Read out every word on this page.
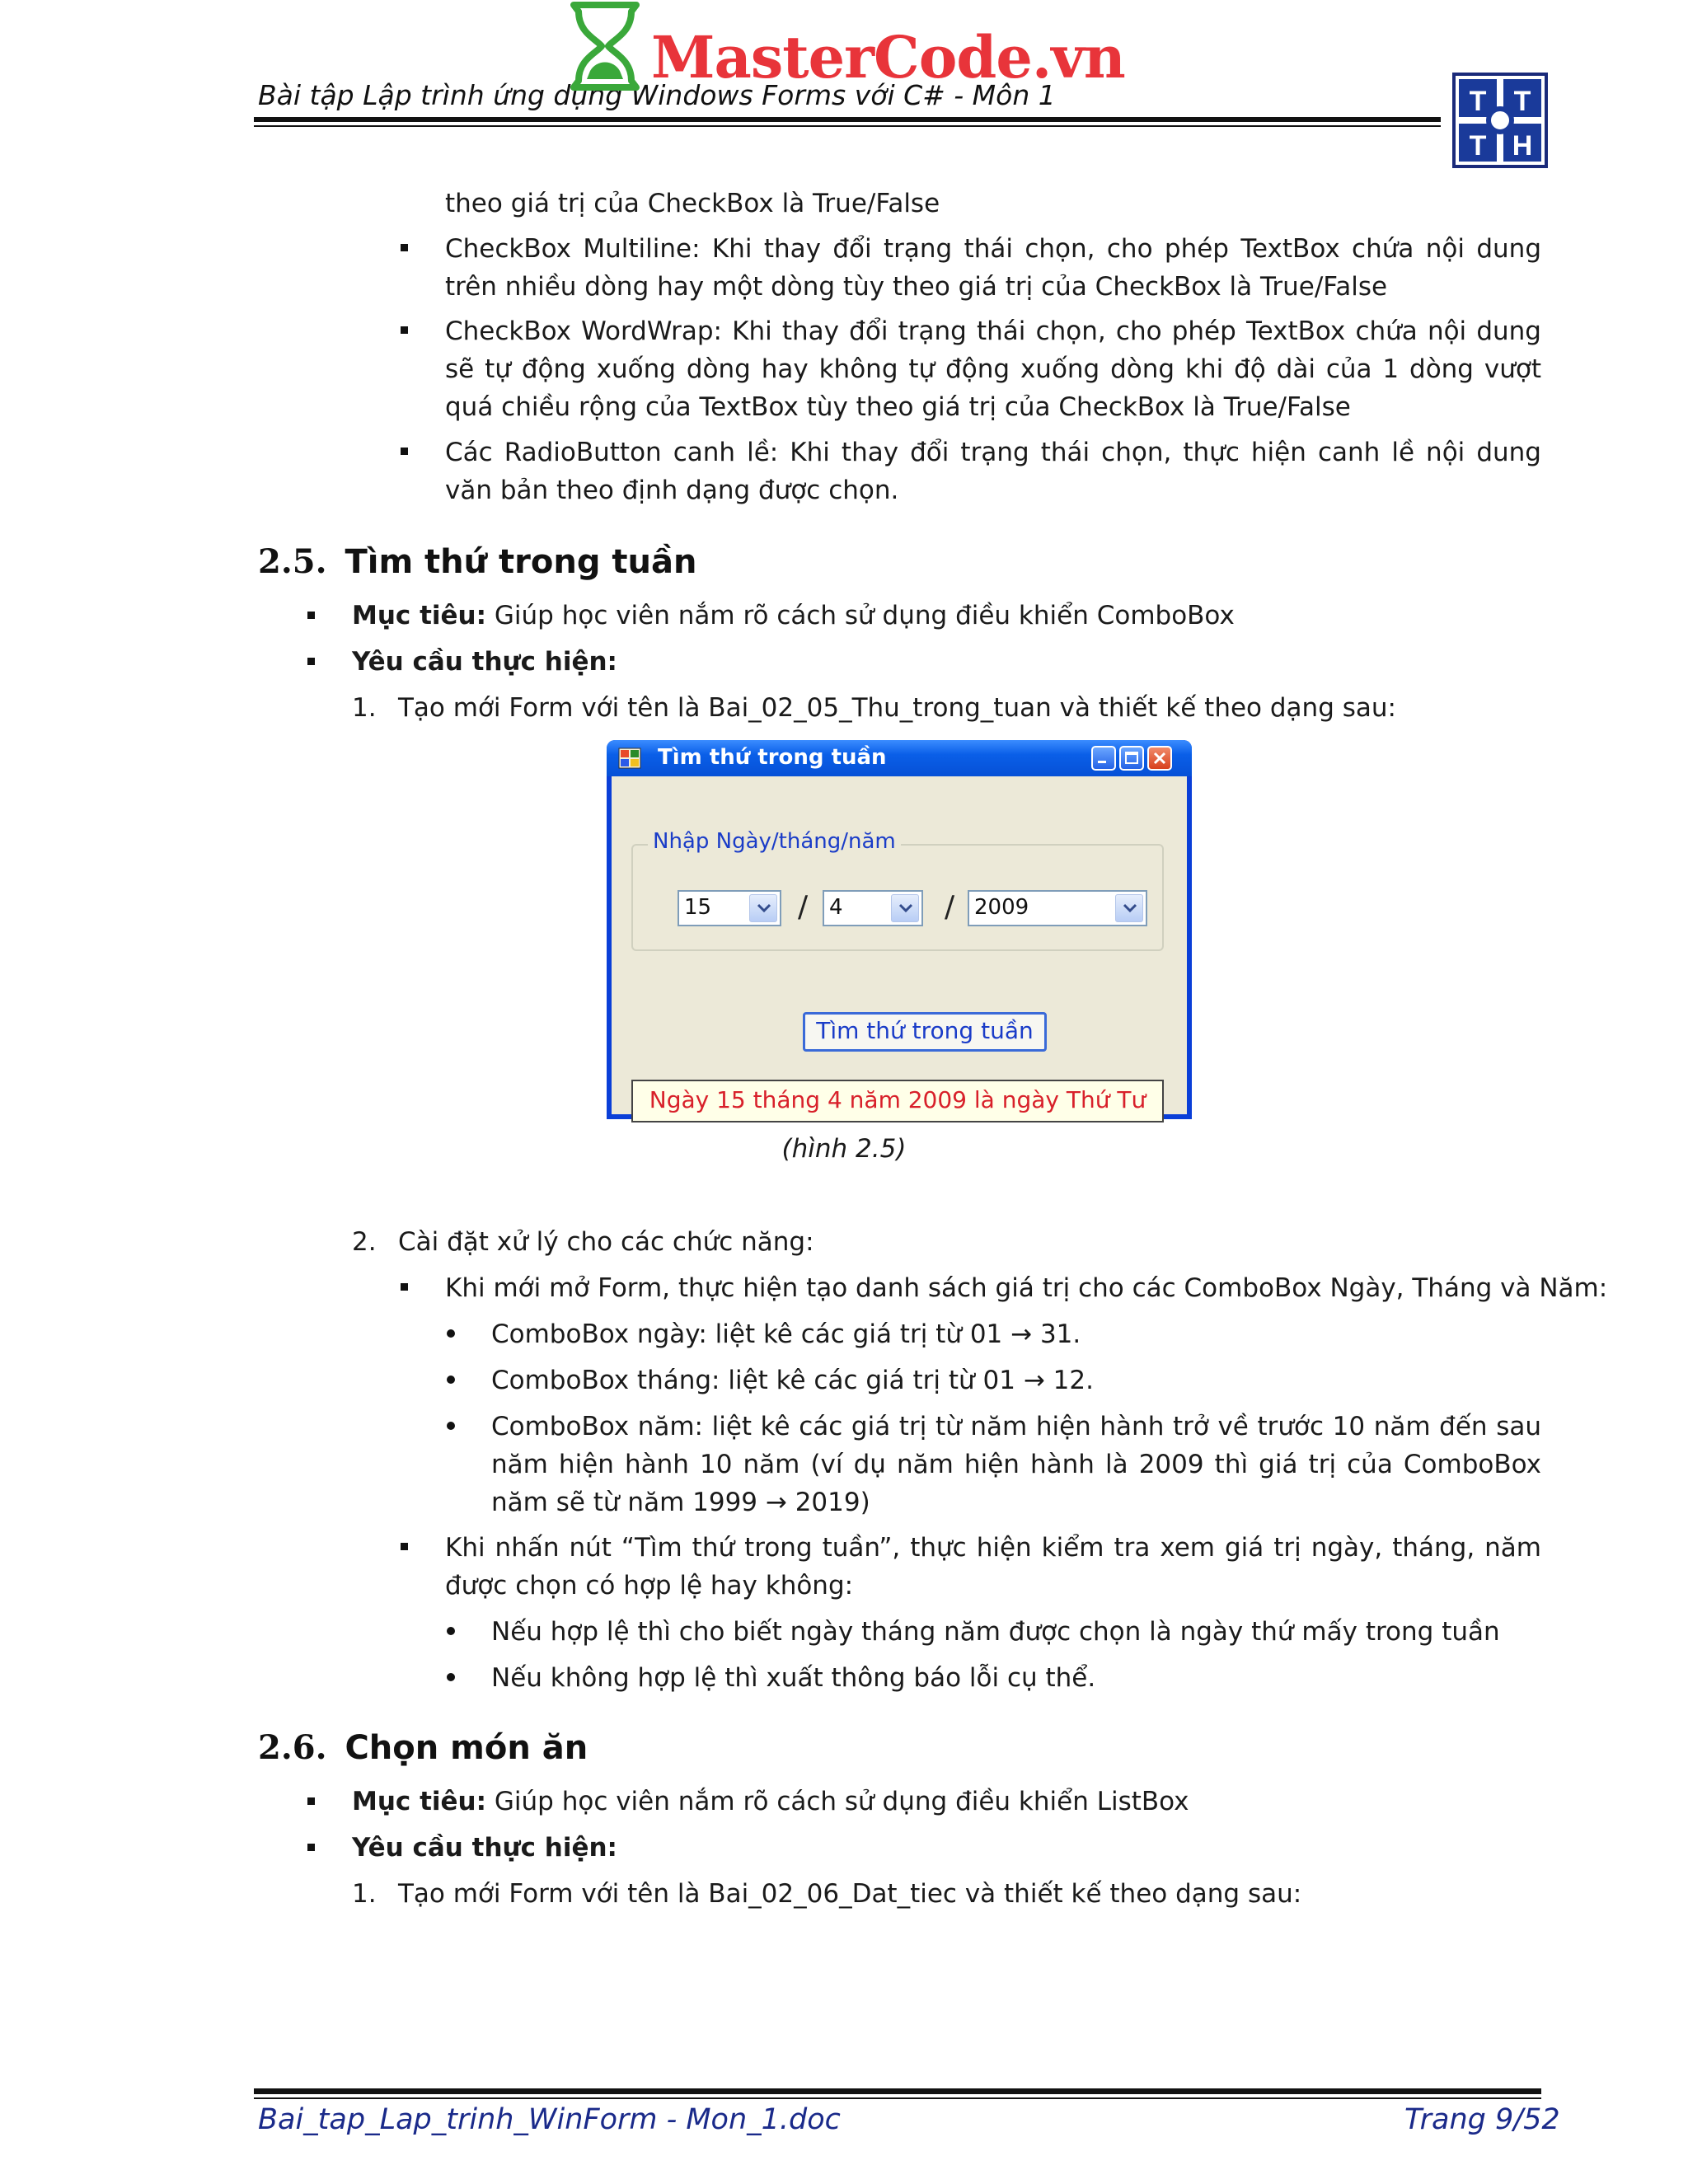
Bài tập Lập trình ứng dụng Windows Forms với C# - Môn 1
MasterCode.vn
T T
T H
theo giá trị của CheckBox là True/False
CheckBox Multiline: Khi thay đổi trạng thái chọn, cho phép TextBox chứa nội dung trên nhiều dòng hay một dòng tùy theo giá trị của CheckBox là True/False
CheckBox WordWrap: Khi thay đổi trạng thái chọn, cho phép TextBox chứa nội dung sẽ tự động xuống dòng hay không tự động xuống dòng khi độ dài của 1 dòng vượt quá chiều rộng của TextBox tùy theo giá trị của CheckBox là True/False
Các RadioButton canh lề: Khi thay đổi trạng thái chọn, thực hiện canh lề nội dung văn bản theo định dạng được chọn.
2.5. Tìm thứ trong tuần
Mục tiêu: Giúp học viên nắm rõ cách sử dụng điều khiển ComboBox
Yêu cầu thực hiện:
1. Tạo mới Form với tên là Bai_02_05_Thu_trong_tuan và thiết kế theo dạng sau:
Tìm thứ trong tuần
Nhập Ngày/tháng/năm
15	/ 4	/ 2009
Tìm thứ trong tuần
Ngày 15 tháng 4 năm 2009 là ngày Thứ Tư
(hình 2.5)
2. Cài đặt xử lý cho các chức năng:
Khi mới mở Form, thực hiện tạo danh sách giá trị cho các ComboBox Ngày, Tháng và Năm:
ComboBox ngày: liệt kê các giá trị từ 01 → 31.
ComboBox tháng: liệt kê các giá trị từ 01 → 12.
ComboBox năm: liệt kê các giá trị từ năm hiện hành trở về trước 10 năm đến sau năm hiện hành 10 năm (ví dụ năm hiện hành là 2009 thì giá trị của ComboBox năm sẽ từ năm 1999 → 2019)
Khi nhấn nút “Tìm thứ trong tuần”, thực hiện kiểm tra xem giá trị ngày, tháng, năm được chọn có hợp lệ hay không:
Nếu hợp lệ thì cho biết ngày tháng năm được chọn là ngày thứ mấy trong tuần
Nếu không hợp lệ thì xuất thông báo lỗi cụ thể.
2.6. Chọn món ăn
Mục tiêu: Giúp học viên nắm rõ cách sử dụng điều khiển ListBox
Yêu cầu thực hiện:
1. Tạo mới Form với tên là Bai_02_06_Dat_tiec và thiết kế theo dạng sau:
Bai_tap_Lap_trinh_WinForm - Mon_1.doc	Trang 9/52
